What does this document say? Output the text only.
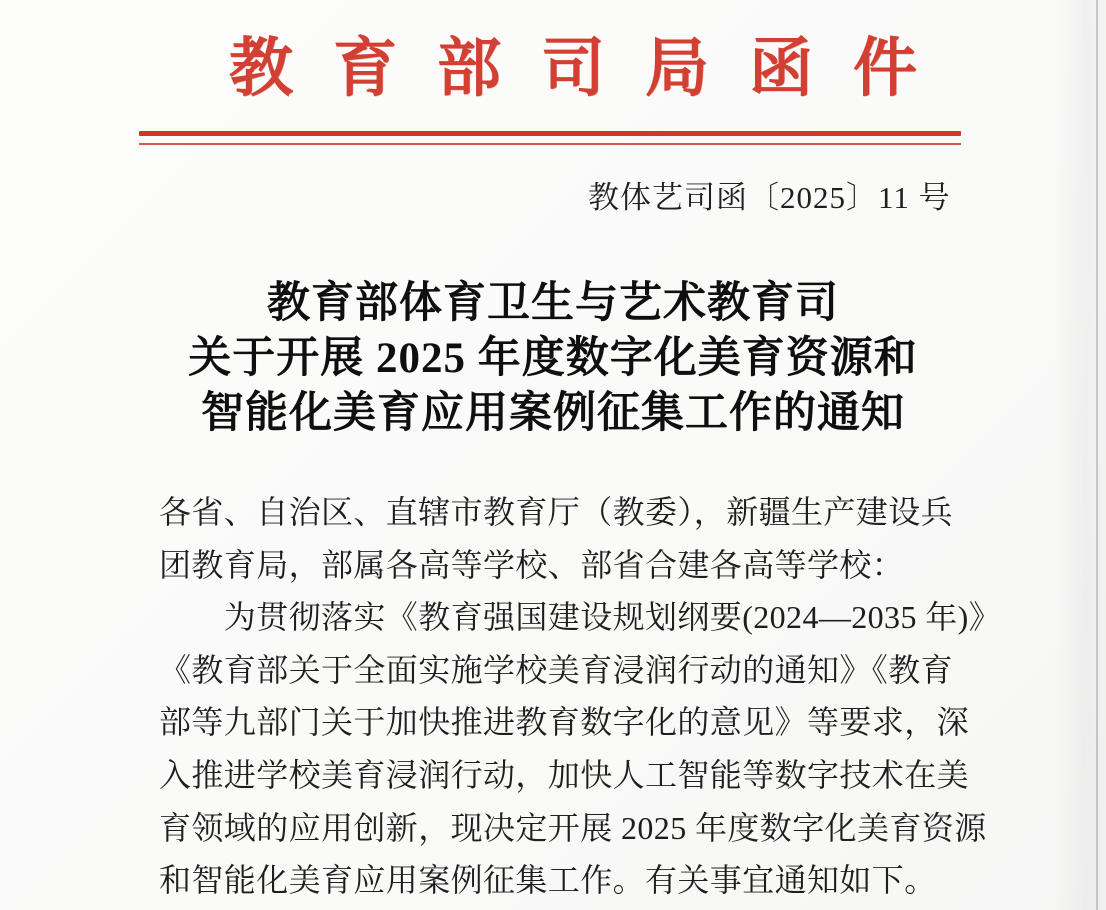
教育部司局函件
教体艺司函〔2025〕11 号
教育部体育卫生与艺术教育司
关于开展 2025 年度数字化美育资源和
智能化美育应用案例征集工作的通知
各省、自治区、直辖市教育厅（教委），新疆生产建设兵
团教育局，部属各高等学校、部省合建各高等学校：
　　为贯彻落实《教育强国建设规划纲要(2024—2035 年)》
《教育部关于全面实施学校美育浸润行动的通知》《教育
部等九部门关于加快推进教育数字化的意见》等要求，深
入推进学校美育浸润行动，加快人工智能等数字技术在美
育领域的应用创新，现决定开展 2025 年度数字化美育资源
和智能化美育应用案例征集工作。有关事宜通知如下。
